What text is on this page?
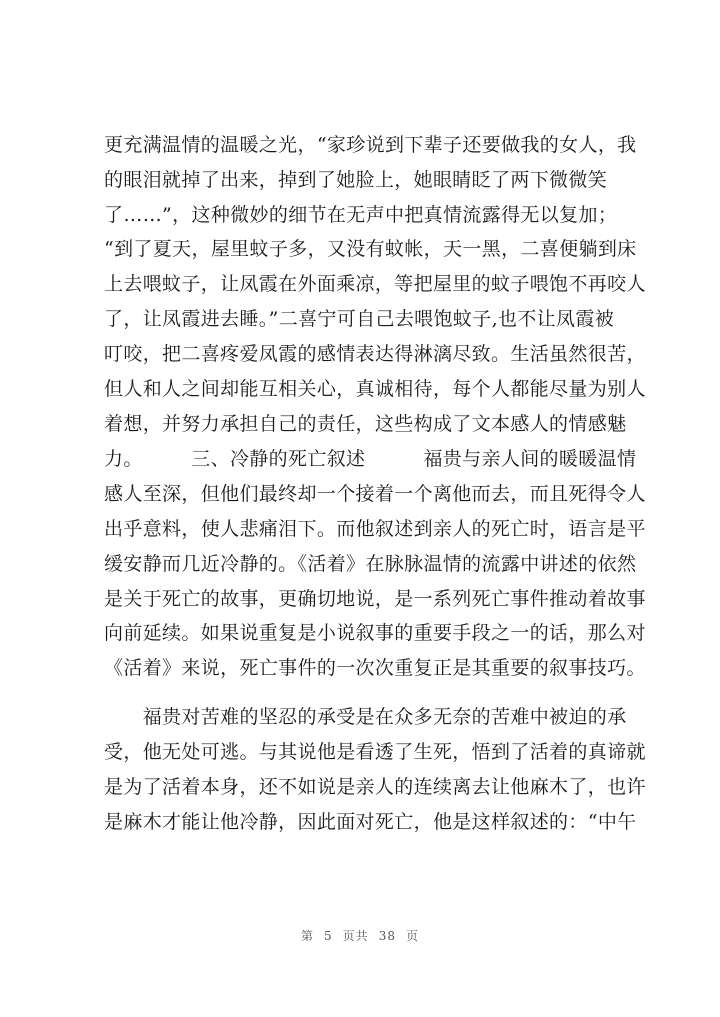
更充满温情的温暖之光，“家珍说到下辈子还要做我的女人，我
的眼泪就掉了出来，掉到了她脸上，她眼睛眨了两下微微笑
了……”，这种微妙的细节在无声中把真情流露得无以复加；
“到了夏天，屋里蚊子多，又没有蚊帐，天一黑，二喜便躺到床
上去喂蚊子，让凤霞在外面乘凉，等把屋里的蚊子喂饱不再咬人
了，让凤霞进去睡。”二喜宁可自己去喂饱蚊子,也不让凤霞被
叮咬，把二喜疼爱凤霞的感情表达得淋漓尽致。生活虽然很苦，
但人和人之间却能互相关心，真诚相待，每个人都能尽量为别人
着想，并努力承担自己的责任，这些构成了文本感人的情感魅
力。　　　三、冷静的死亡叙述　　　福贵与亲人间的暖暖温情
感人至深，但他们最终却一个接着一个离他而去，而且死得令人
出乎意料，使人悲痛泪下。而他叙述到亲人的死亡时，语言是平
缓安静而几近冷静的。《活着》在脉脉温情的流露中讲述的依然
是关于死亡的故事，更确切地说，是一系列死亡事件推动着故事
向前延续。如果说重复是小说叙事的重要手段之一的话，那么对
《活着》来说，死亡事件的一次次重复正是其重要的叙事技巧。
　　福贵对苦难的坚忍的承受是在众多无奈的苦难中被迫的承
受，他无处可逃。与其说他是看透了生死，悟到了活着的真谛就
是为了活着本身，还不如说是亲人的连续离去让他麻木了，也许
是麻木才能让他冷静，因此面对死亡，他是这样叙述的：“中午
第 5 页共 38 页
